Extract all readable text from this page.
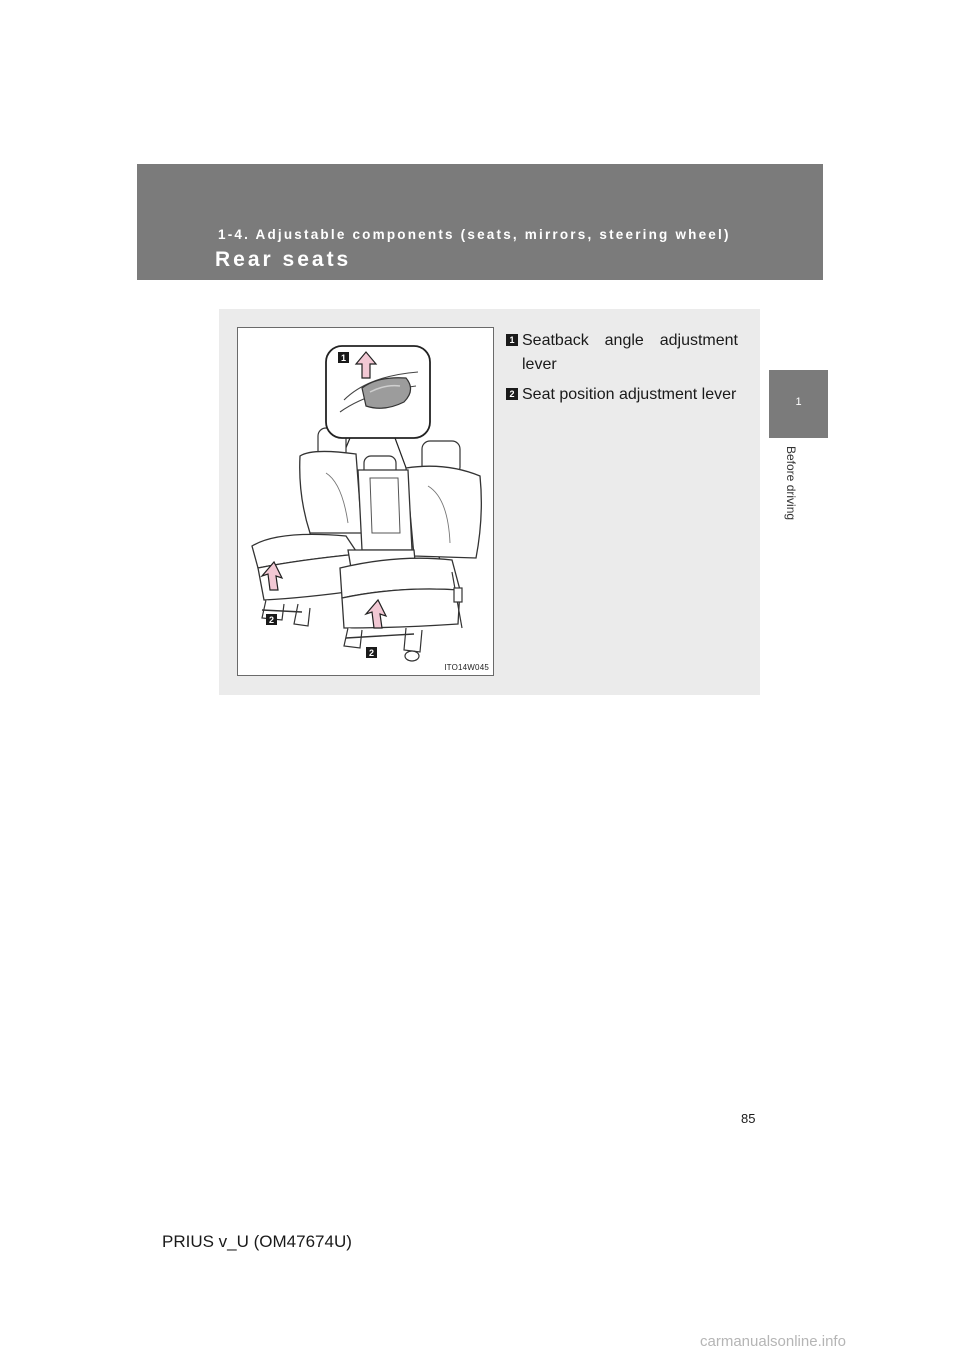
1-4. Adjustable components (seats, mirrors, steering wheel)
Rear seats
1
Before driving
1
2
2
ITO14W045
1 Seatback angle adjustment lever
2 Seat position adjustment lever
85
PRIUS v_U (OM47674U)
carmanualsonline.info
